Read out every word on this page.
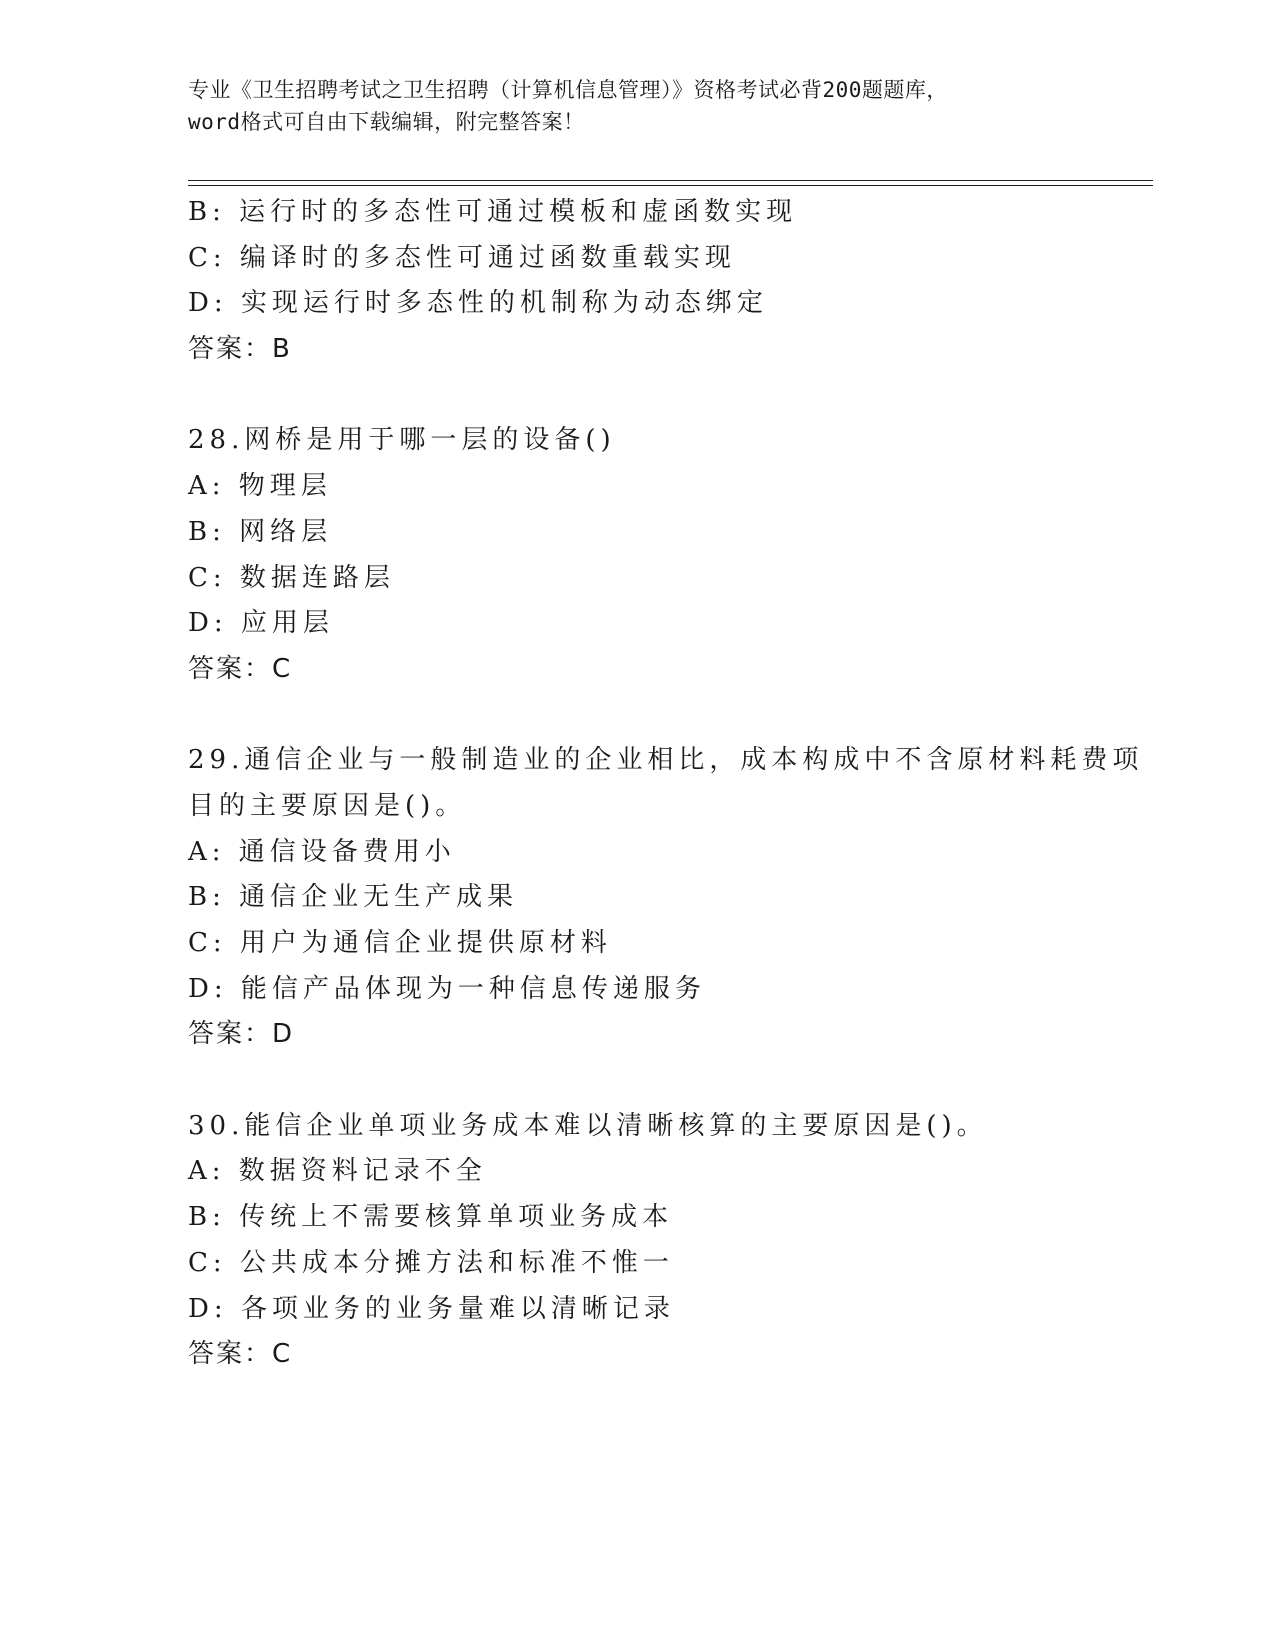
专业《卫生招聘考试之卫生招聘（计算机信息管理）》资格考试必背200题题库，
word格式可自由下载编辑，附完整答案！
B: 运行时的多态性可通过模板和虚函数实现
C: 编译时的多态性可通过函数重载实现
D: 实现运行时多态性的机制称为动态绑定
答案：B
28.网桥是用于哪一层的设备()
A: 物理层
B: 网络层
C: 数据连路层
D: 应用层
答案：C
29.通信企业与一般制造业的企业相比，成本构成中不含原材料耗费项
目的主要原因是()。
A: 通信设备费用小
B: 通信企业无生产成果
C: 用户为通信企业提供原材料
D: 能信产品体现为一种信息传递服务
答案：D
30.能信企业单项业务成本难以清晰核算的主要原因是()。
A: 数据资料记录不全
B: 传统上不需要核算单项业务成本
C: 公共成本分摊方法和标准不惟一
D: 各项业务的业务量难以清晰记录
答案：C
